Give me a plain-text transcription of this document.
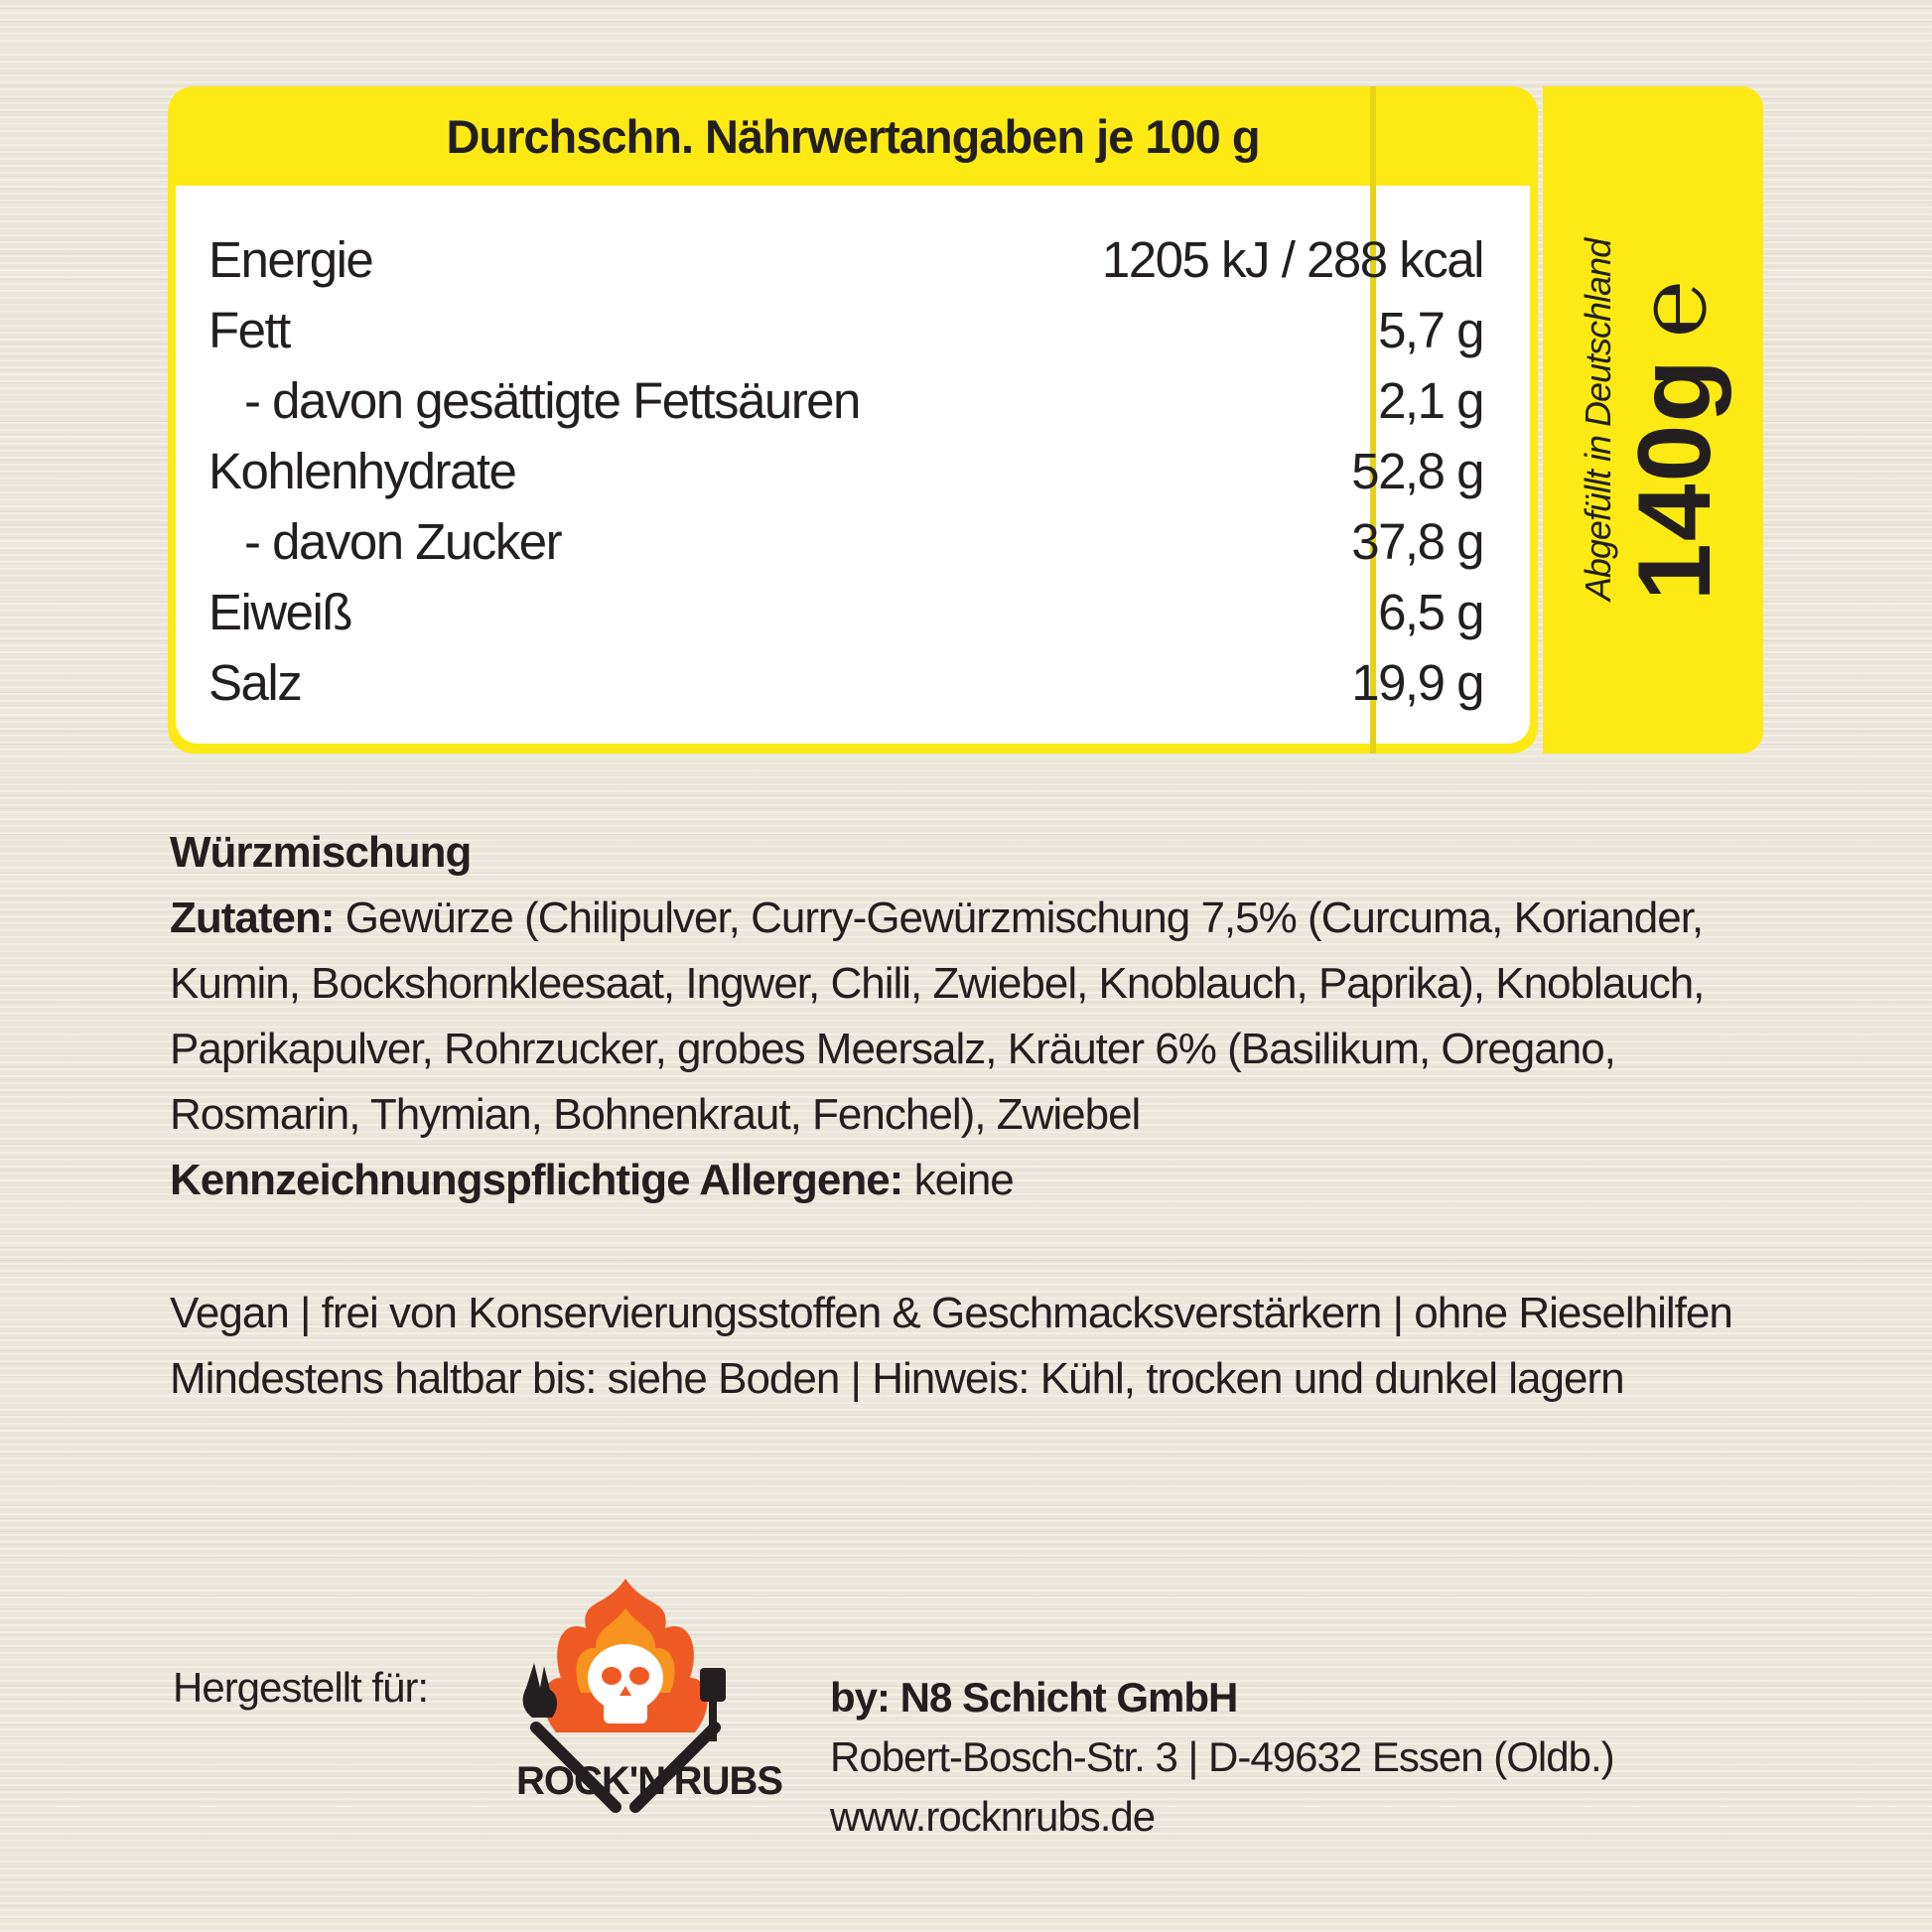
Durchschn. Nährwertangaben je 100 g
Energie	1205 kJ / 288 kcal
Fett	5,7 g
- davon gesättigte Fettsäuren	2,1 g
Kohlenhydrate	52,8 g
- davon Zucker	37,8 g
Eiweiß	6,5 g
Salz	19,9 g
Abgefüllt in Deutschland 140g
℮

Würzmischung

Zutaten: Gewürze (Chilipulver, Curry-Gewürzmischung 7,5% (Curcuma, Koriander,

Kumin, Bockshornkleesaat, Ingwer, Chili, Zwiebel, Knoblauch, Paprika), Knoblauch,

Paprikapulver, Rohrzucker, grobes Meersalz, Kräuter 6% (Basilikum, Oregano,

Rosmarin, Thymian, Bohnenkraut, Fenchel), Zwiebel

Kennzeichnungspflichtige Allergene: keine

Vegan | frei von Konservierungsstoffen & Geschmacksverstärkern | ohne Rieselhilfen

Mindestens haltbar bis: siehe Boden | Hinweis: Kühl, trocken und dunkel lagern

Hergestellt für:
ROCK'N'RUBS

by: N8 Schicht GmbH

Robert-Bosch-Str. 3 | D-49632 Essen (Oldb.)

www.rocknrubs.de
